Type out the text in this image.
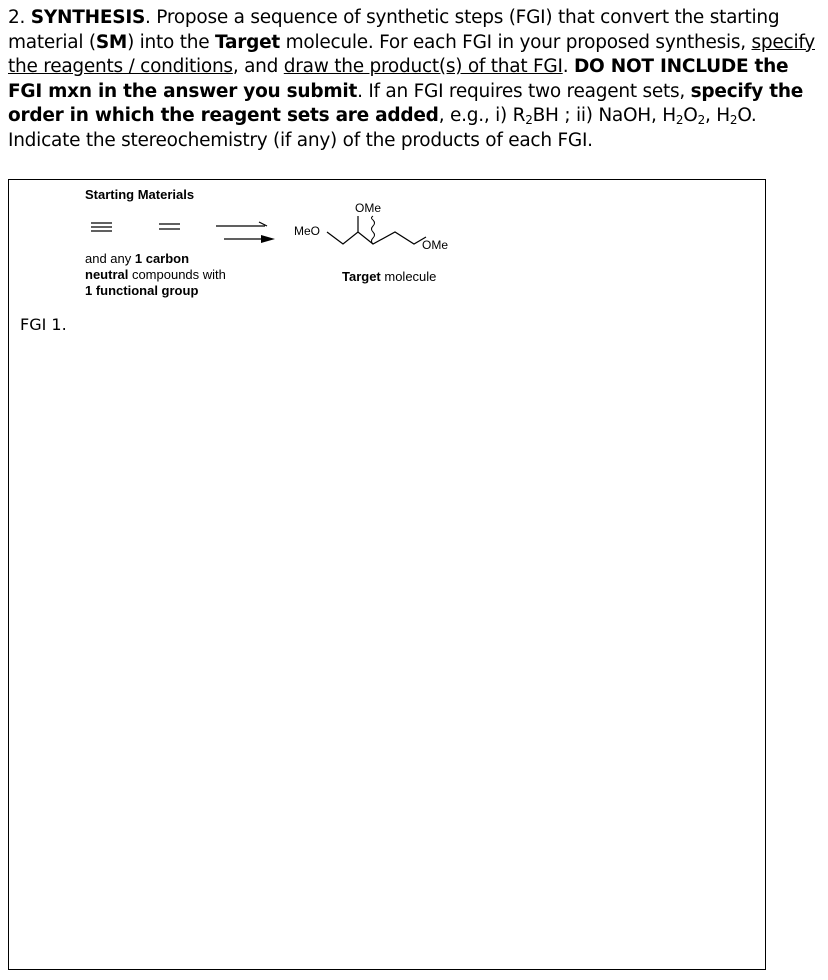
2. SYNTHESIS. Propose a sequence of synthetic steps (FGI) that convert the starting material (SM) into the Target molecule. For each FGI in your proposed synthesis, specify the reagents / conditions, and draw the product(s) of that FGI. DO NOT INCLUDE the FGI mxn in the answer you submit. If an FGI requires two reagent sets, specify the order in which the reagent sets are added, e.g., i) $R_2BH$ ; ii) NaOH, $H_2O_2$, $H_2O$. Indicate the stereochemistry (if any) of the products of each FGI.

Starting Materials
MeO
OMe
OMe
and any 1 carbon
neutral compounds with
1 functional group
Target molecule
FGI 1.
